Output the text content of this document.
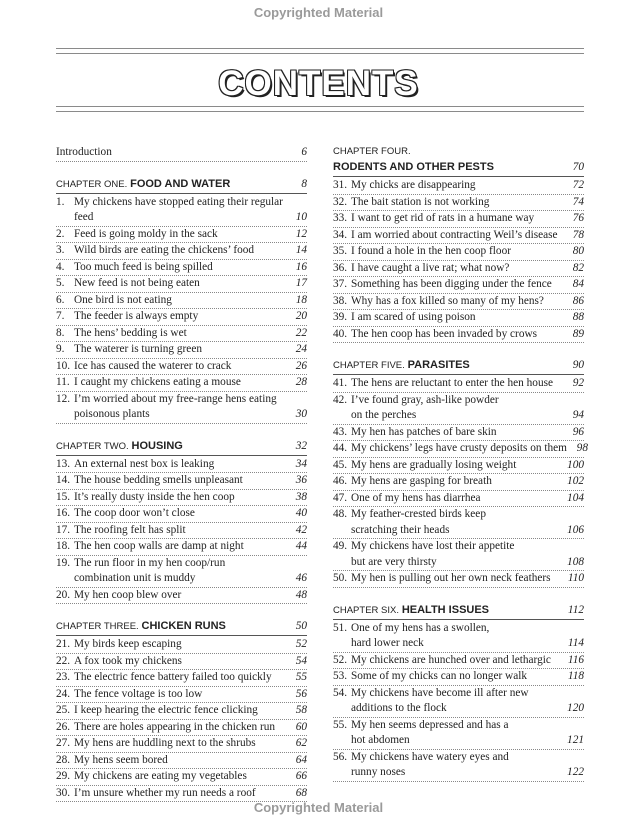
Copyrighted Material
CONTENTS
Introduction	6
CHAPTER ONE. FOOD AND WATER	8
1. My chickens have stopped eating their regular
feed	10
2. Feed is going moldy in the sack	12
3. Wild birds are eating the chickens’ food	14
4. Too much feed is being spilled	16
5. New feed is not being eaten	17
6. One bird is not eating	18
7. The feeder is always empty	20
8. The hens’ bedding is wet	22
9. The waterer is turning green	24
10. Ice has caused the waterer to crack	26
11. I caught my chickens eating a mouse	28
12. I’m worried about my free-range hens eating
poisonous plants	30
CHAPTER TWO. HOUSING	32
13. An external nest box is leaking	34
14. The house bedding smells unpleasant	36
15. It’s really dusty inside the hen coop	38
16. The coop door won’t close	40
17. The roofing felt has split	42
18. The hen coop walls are damp at night	44
19. The run floor in my hen coop/run
combination unit is muddy	46
20. My hen coop blew over	48
CHAPTER THREE. CHICKEN RUNS	50
21. My birds keep escaping	52
22. A fox took my chickens	54
23. The electric fence battery failed too quickly	55
24. The fence voltage is too low	56
25. I keep hearing the electric fence clicking	58
26. There are holes appearing in the chicken run	60
27. My hens are huddling next to the shrubs	62
28. My hens seem bored	64
29. My chickens are eating my vegetables	66
30. I’m unsure whether my run needs a roof	68
CHAPTER FOUR.
RODENTS AND OTHER PESTS	70
31. My chicks are disappearing	72
32. The bait station is not working	74
33. I want to get rid of rats in a humane way	76
34. I am worried about contracting Weil’s disease	78
35. I found a hole in the hen coop floor	80
36. I have caught a live rat; what now?	82
37. Something has been digging under the fence	84
38. Why has a fox killed so many of my hens?	86
39. I am scared of using poison	88
40. The hen coop has been invaded by crows	89
CHAPTER FIVE. PARASITES	90
41. The hens are reluctant to enter the hen house	92
42. I’ve found gray, ash-like powder
on the perches	94
43. My hen has patches of bare skin	96
44. My chickens’ legs have crusty deposits on them 98
45. My hens are gradually losing weight	100
46. My hens are gasping for breath	102
47. One of my hens has diarrhea	104
48. My feather-crested birds keep
scratching their heads	106
49. My chickens have lost their appetite
but are very thirsty	108
50. My hen is pulling out her own neck feathers	110
CHAPTER SIX. HEALTH ISSUES	112
51. One of my hens has a swollen,
hard lower neck	114
52. My chickens are hunched over and lethargic	116
53. Some of my chicks can no longer walk	118
54. My chickens have become ill after new
additions to the flock	120
55. My hen seems depressed and has a
hot abdomen	121
56. My chickens have watery eyes and
runny noses	122
Copyrighted Material
